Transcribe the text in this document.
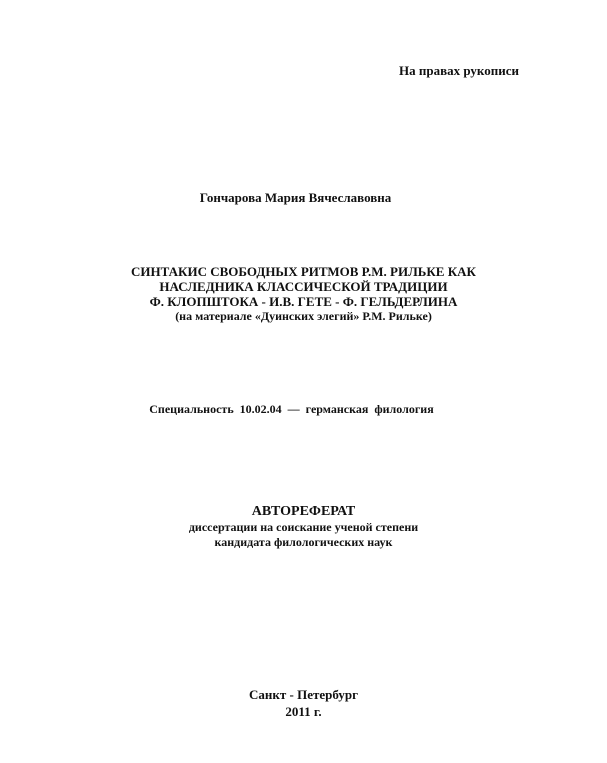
На правах рукописи
Гончарова Мария Вячеславовна
СИНТАКИС СВОБОДНЫХ РИТМОВ Р.М. РИЛЬКЕ КАК
НАСЛЕДНИКА КЛАССИЧЕСКОЙ ТРАДИЦИИ
Ф. КЛОПШТОКА - И.В. ГЕТЕ - Ф. ГЕЛЬДЕРЛИНА
(на материале «Дуинских элегий» Р.М. Рильке)
Специальность 10.02.04 — германская филология
АВТОРЕФЕРАТ
диссертации на соискание ученой степени
кандидата филологических наук
Санкт - Петербург
2011 г.
